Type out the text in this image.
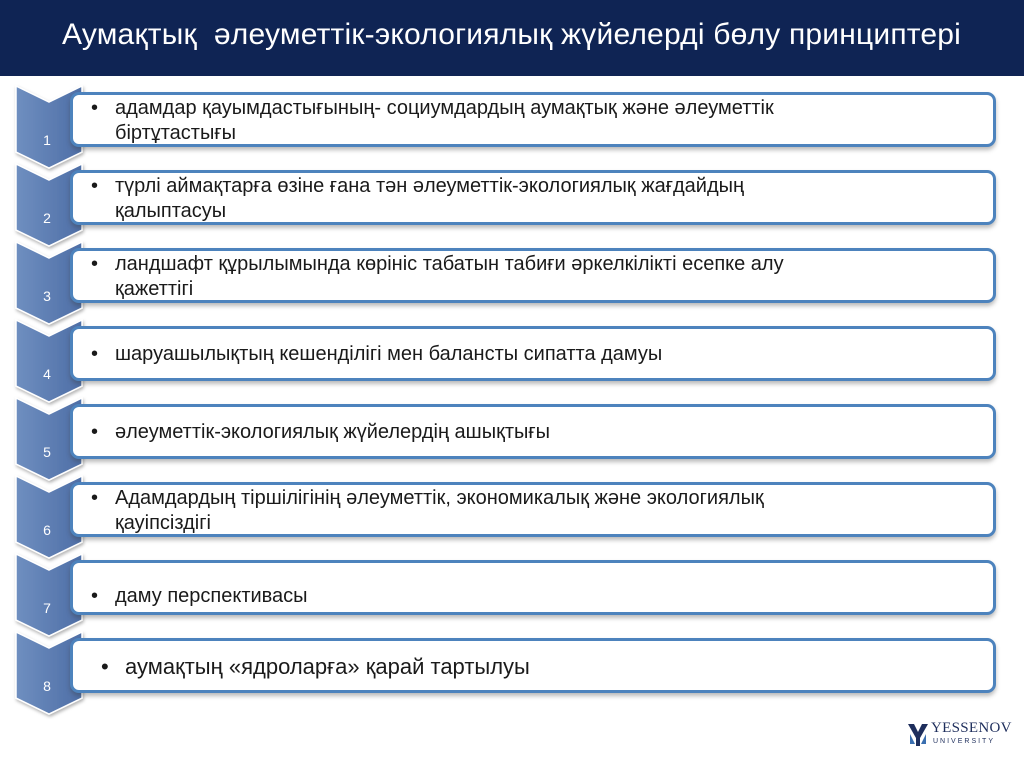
Аумақтық  әлеуметтік-экологиялық жүйелерді бөлу принциптері
• адамдар қауымдастығының- социумдардың аумақтық және әлеуметтік
біртұтастығы
• түрлі аймақтарға өзіне ғана тән әлеуметтік-экологиялық жағдайдың
қалыптасуы
• ландшафт құрылымында көрініс табатын табиғи әркелкілікті есепке алу
қажеттігі
• шаруашылықтың кешенділігі мен балансты сипатта дамуы
• әлеуметтік-экологиялық жүйелердің ашықтығы
• Адамдардың тіршілігінің әлеуметтік, экономикалық және экологиялық
қауіпсіздігі
• даму перспективасы
• аумақтың «ядроларға» қарай тартылуы
YESSENOV
UNIVERSITY
1
2
3
4
5
6
7
8
